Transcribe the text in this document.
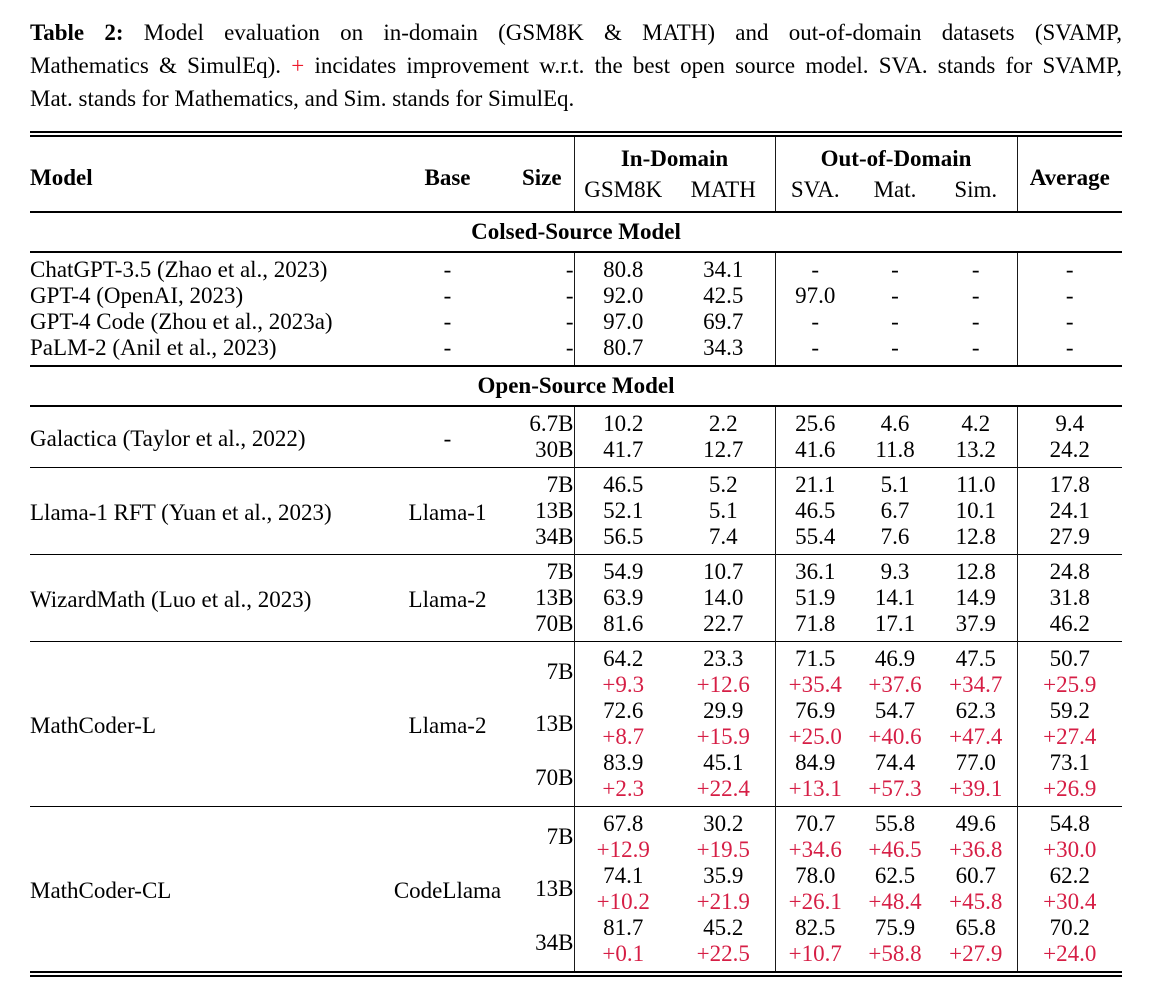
Table 2: Model evaluation on in-domain (GSM8K & MATH) and out-of-domain datasets (SVAMP,
Mathematics & SimulEq). + incidates improvement w.r.t. the best open source model. SVA. stands for SVAMP,
Mat. stands for Mathematics, and Sim. stands for SimulEq.
Model	Base	Size	In-Domain		Out-of-Domain			Average
			GSM8K	MATH	SVA.	Mat.	Sim.	
Colsed-Source Model								
ChatGPT-3.5 (Zhao et al., 2023)	-	-	80.8	34.1	-	-	-	-
GPT-4 (OpenAI, 2023)	-	-	92.0	42.5	97.0	-	-	-
GPT-4 Code (Zhou et al., 2023a)	-	-	97.0	69.7	-	-	-	-
PaLM-2 (Anil et al., 2023)	-	-	80.7	34.3	-	-	-	-
Open-Source Model								
Galactica (Taylor et al., 2022)	-	6.7B	10.2	2.2	25.6	4.6	4.2	9.4
		30B	41.7	12.7	41.6	11.8	13.2	24.2
Llama-1 RFT (Yuan et al., 2023)	Llama-1	7B	46.5	5.2	21.1	5.1	11.0	17.8
		13B	52.1	5.1	46.5	6.7	10.1	24.1
		34B	56.5	7.4	55.4	7.6	12.8	27.9
WizardMath (Luo et al., 2023)	Llama-2	7B	54.9	10.7	36.1	9.3	12.8	24.8
		13B	63.9	14.0	51.9	14.1	14.9	31.8
		70B	81.6	22.7	71.8	17.1	37.9	46.2
MathCoder-L	Llama-2	7B	64.2	23.3	71.5	46.9	47.5	50.7
			+9.3	+12.6	+35.4	+37.6	+34.7	+25.9
		13B	72.6	29.9	76.9	54.7	62.3	59.2
			+8.7	+15.9	+25.0	+40.6	+47.4	+27.4
		70B	83.9	45.1	84.9	74.4	77.0	73.1
			+2.3	+22.4	+13.1	+57.3	+39.1	+26.9
MathCoder-CL	CodeLlama	7B	67.8	30.2	70.7	55.8	49.6	54.8
			+12.9	+19.5	+34.6	+46.5	+36.8	+30.0
		13B	74.1	35.9	78.0	62.5	60.7	62.2
			+10.2	+21.9	+26.1	+48.4	+45.8	+30.4
		34B	81.7	45.2	82.5	75.9	65.8	70.2
			+0.1	+22.5	+10.7	+58.8	+27.9	+24.0
